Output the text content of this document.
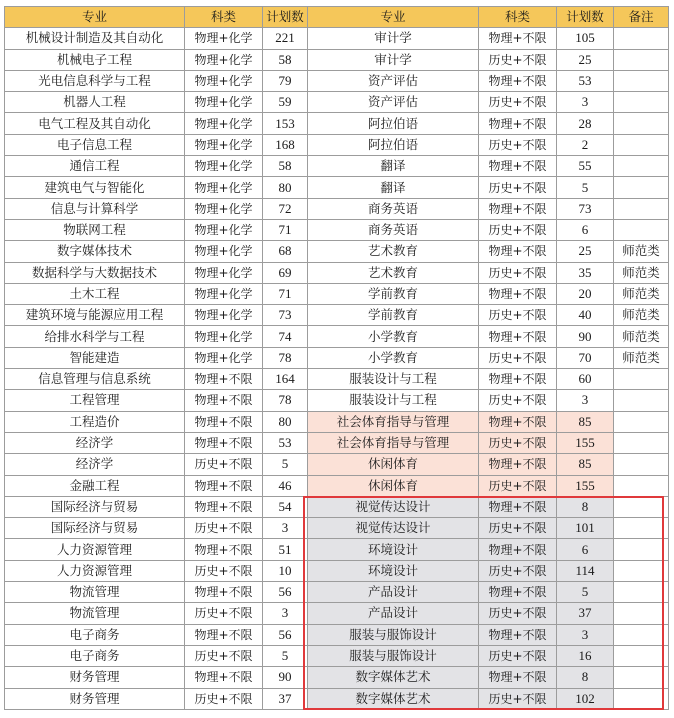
专业	科类	计划数	专业	科类	计划数	备注
机械设计制造及其自动化	物理+化学	221	审计学	物理+不限	105	
机械电子工程	物理+化学	58	审计学	历史+不限	25	
光电信息科学与工程	物理+化学	79	资产评估	物理+不限	53	
机器人工程	物理+化学	59	资产评估	历史+不限	3	
电气工程及其自动化	物理+化学	153	阿拉伯语	物理+不限	28	
电子信息工程	物理+化学	168	阿拉伯语	历史+不限	2	
通信工程	物理+化学	58	翻译	物理+不限	55	
建筑电气与智能化	物理+化学	80	翻译	历史+不限	5	
信息与计算科学	物理+化学	72	商务英语	物理+不限	73	
物联网工程	物理+化学	71	商务英语	历史+不限	6	
数字媒体技术	物理+化学	68	艺术教育	物理+不限	25	师范类
数据科学与大数据技术	物理+化学	69	艺术教育	历史+不限	35	师范类
土木工程	物理+化学	71	学前教育	物理+不限	20	师范类
建筑环境与能源应用工程	物理+化学	73	学前教育	历史+不限	40	师范类
给排水科学与工程	物理+化学	74	小学教育	物理+不限	90	师范类
智能建造	物理+化学	78	小学教育	历史+不限	70	师范类
信息管理与信息系统	物理+不限	164	服装设计与工程	物理+不限	60	
工程管理	物理+不限	78	服装设计与工程	历史+不限	3	
工程造价	物理+不限	80	社会体育指导与管理	物理+不限	85	
经济学	物理+不限	53	社会体育指导与管理	历史+不限	155	
经济学	历史+不限	5	休闲体育	物理+不限	85	
金融工程	物理+不限	46	休闲体育	历史+不限	155	
国际经济与贸易	物理+不限	54	视觉传达设计	物理+不限	8	
国际经济与贸易	历史+不限	3	视觉传达设计	历史+不限	101	
人力资源管理	物理+不限	51	环境设计	物理+不限	6	
人力资源管理	历史+不限	10	环境设计	历史+不限	114	
物流管理	物理+不限	56	产品设计	物理+不限	5	
物流管理	历史+不限	3	产品设计	历史+不限	37	
电子商务	物理+不限	56	服装与服饰设计	物理+不限	3	
电子商务	历史+不限	5	服装与服饰设计	历史+不限	16	
财务管理	物理+不限	90	数字媒体艺术	物理+不限	8	
财务管理	历史+不限	37	数字媒体艺术	历史+不限	102	
